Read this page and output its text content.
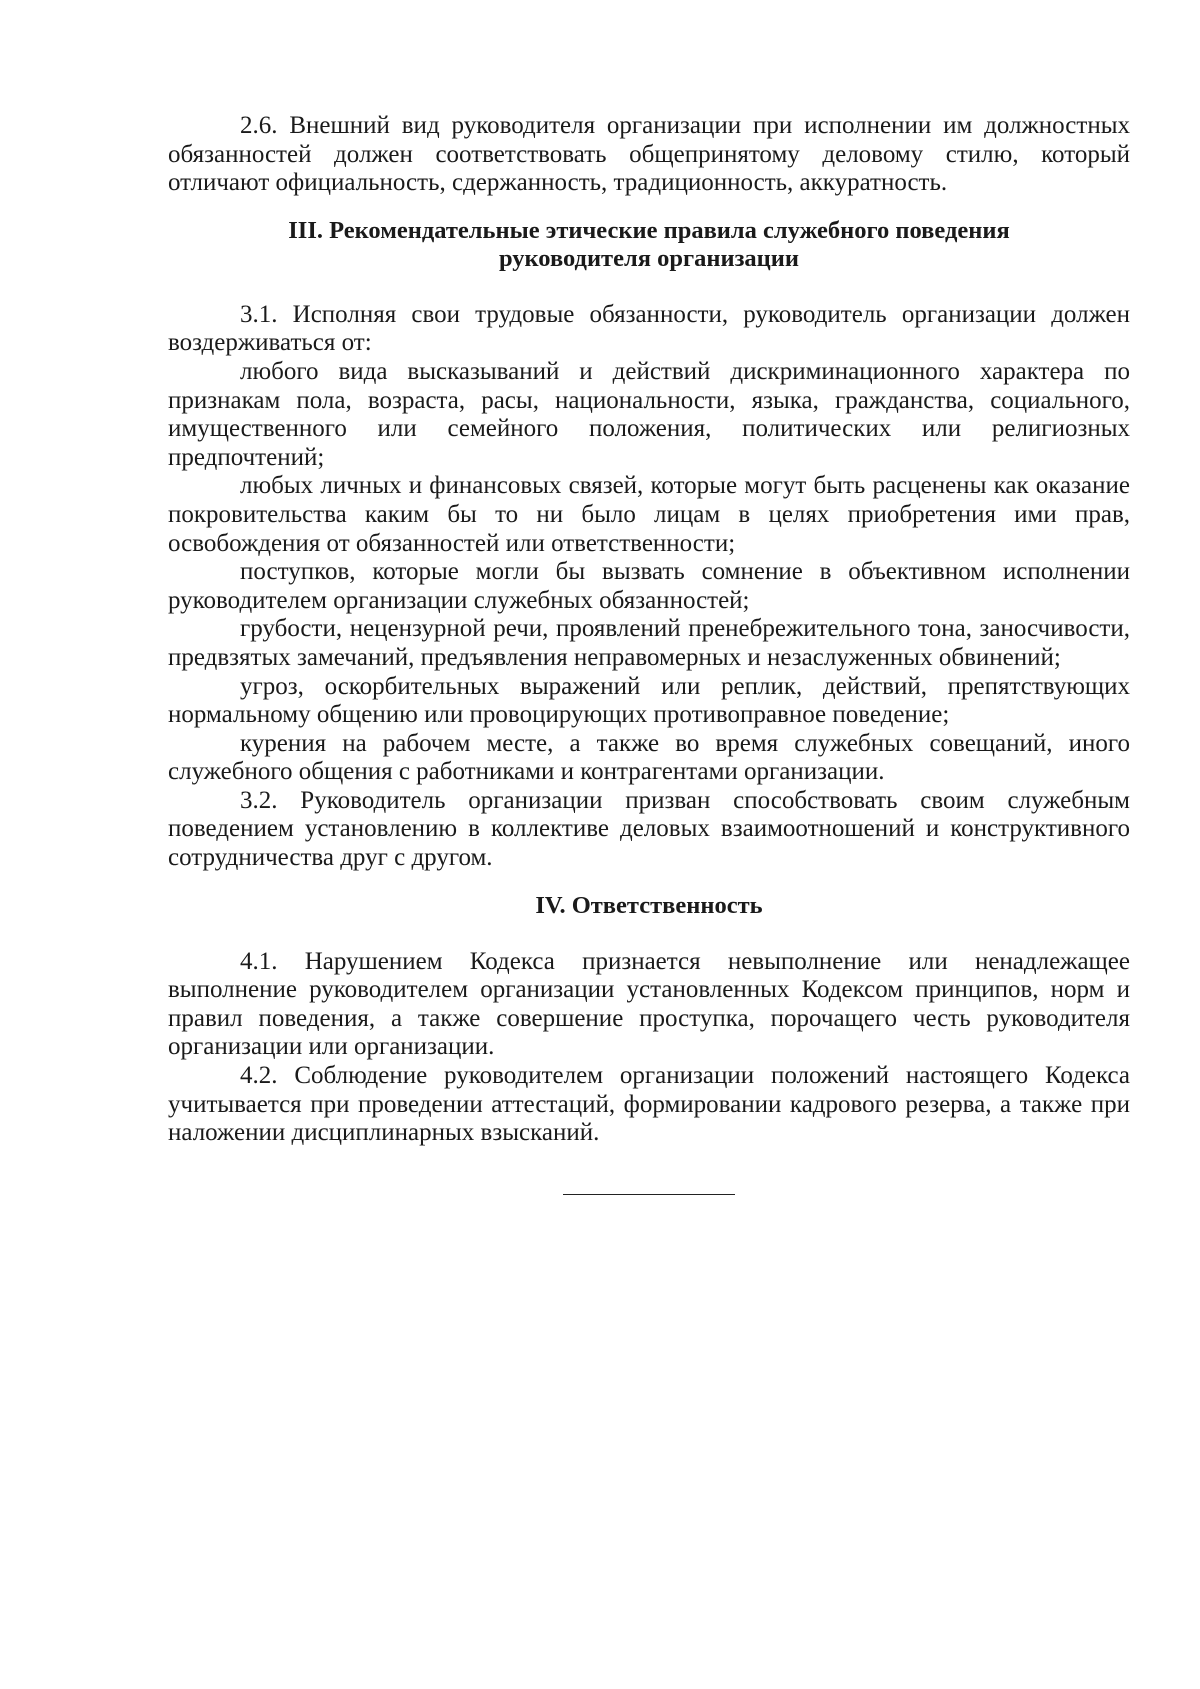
2.6. Внешний вид руководителя организации при исполнении им должностных обязанностей должен соответствовать общепринятому деловому стилю, который отличают официальность, сдержанность, традиционность, аккуратность.

III. Рекомендательные этические правила служебного поведения

руководителя организации

3.1. Исполняя свои трудовые обязанности, руководитель организации должен воздерживаться от:

любого вида высказываний и действий дискриминационного характера по признакам пола, возраста, расы, национальности, языка, гражданства, социального, имущественного или семейного положения, политических или религиозных предпочтений;

любых личных и финансовых связей, которые могут быть расценены как оказание покровительства каким бы то ни было лицам в целях приобретения ими прав, освобождения от обязанностей или ответственности;

поступков, которые могли бы вызвать сомнение в объективном исполнении руководителем организации служебных обязанностей;

грубости, нецензурной речи, проявлений пренебрежительного тона, заносчивости, предвзятых замечаний, предъявления неправомерных и незаслуженных обвинений;

угроз, оскорбительных выражений или реплик, действий, препятствующих нормальному общению или провоцирующих противоправное поведение;

курения на рабочем месте, а также во время служебных совещаний, иного служебного общения с работниками и контрагентами организации.

3.2. Руководитель организации призван способствовать своим служебным поведением установлению в коллективе деловых взаимоотношений и конструктивного сотрудничества друг с другом.

IV. Ответственность

4.1. Нарушением Кодекса признается невыполнение или ненадлежащее выполнение руководителем организации установленных Кодексом принципов, норм и правил поведения, а также совершение проступка, порочащего честь руководителя организации или организации.

4.2. Соблюдение руководителем организации положений настоящего Кодекса учитывается при проведении аттестаций, формировании кадрового резерва, а также при наложении дисциплинарных взысканий.
